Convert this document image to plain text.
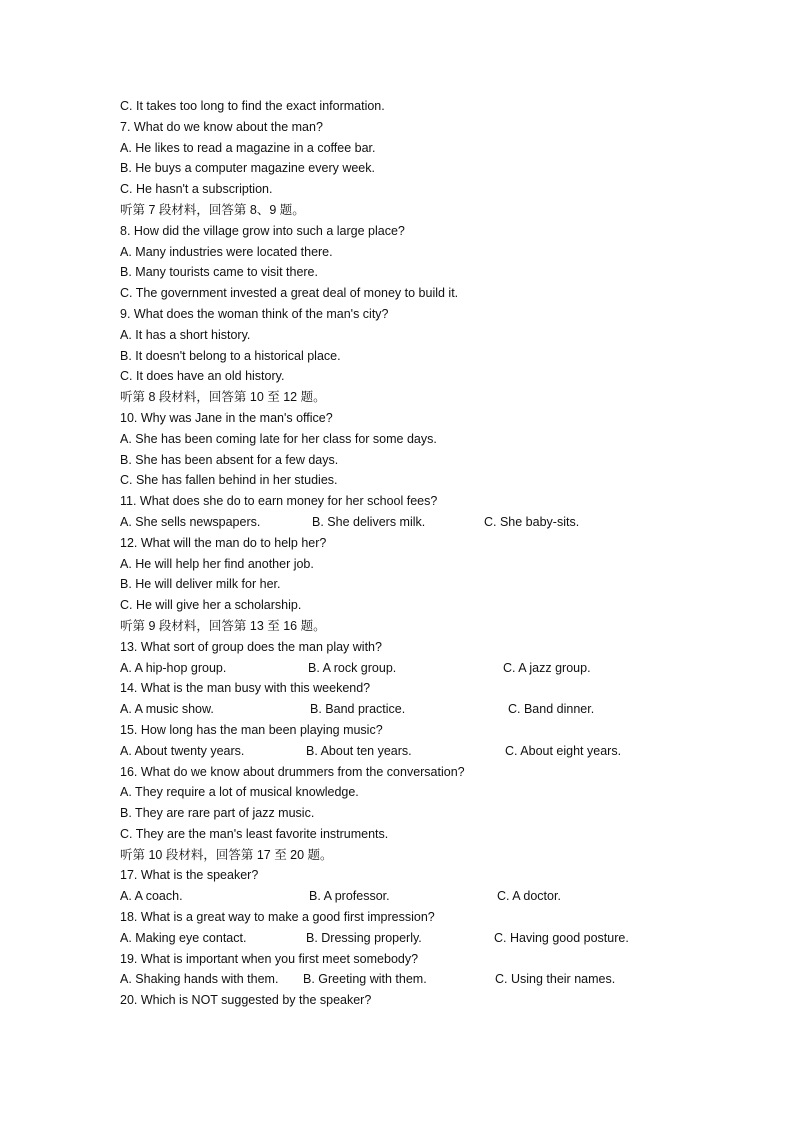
C. It takes too long to find the exact information.
7. What do we know about the man?
A. He likes to read a magazine in a coffee bar.
B. He buys a computer magazine every week.
C. He hasn't a subscription.
听第 7 段材料，回答第 8、9 题。
8. How did the village grow into such a large place?
A. Many industries were located there.
B. Many tourists came to visit there.
C. The government invested a great deal of money to build it.
9. What does the woman think of the man's city?
A. It has a short history.
B. It doesn't belong to a historical place.
C. It does have an old history.
听第 8 段材料，回答第 10 至 12 题。
10. Why was Jane in the man's office?
A. She has been coming late for her class for some days.
B. She has been absent for a few days.
C. She has fallen behind in her studies.
11. What does she do to earn money for her school fees?
A. She sells newspapers.	B. She delivers milk.	C. She baby-sits.
12. What will the man do to help her?
A. He will help her find another job.
B. He will deliver milk for her.
C. He will give her a scholarship.
听第 9 段材料，回答第 13 至 16 题。
13. What sort of group does the man play with?
A. A hip-hop group.	B. A rock group.	C. A jazz group.
14. What is the man busy with this weekend?
A. A music show.	B. Band practice.	C. Band dinner.
15. How long has the man been playing music?
A. About twenty years.	B. About ten years.	C. About eight years.
16. What do we know about drummers from the conversation?
A. They require a lot of musical knowledge.
B. They are rare part of jazz music.
C. They are the man's least favorite instruments.
听第 10 段材料，回答第 17 至 20 题。
17. What is the speaker?
A. A coach.	B. A professor.	C. A doctor.
18. What is a great way to make a good first impression?
A. Making eye contact.	B. Dressing properly.	C. Having good posture.
19. What is important when you first meet somebody?
A. Shaking hands with them. B. Greeting with them.	C. Using their names.
20. Which is NOT suggested by the speaker?
